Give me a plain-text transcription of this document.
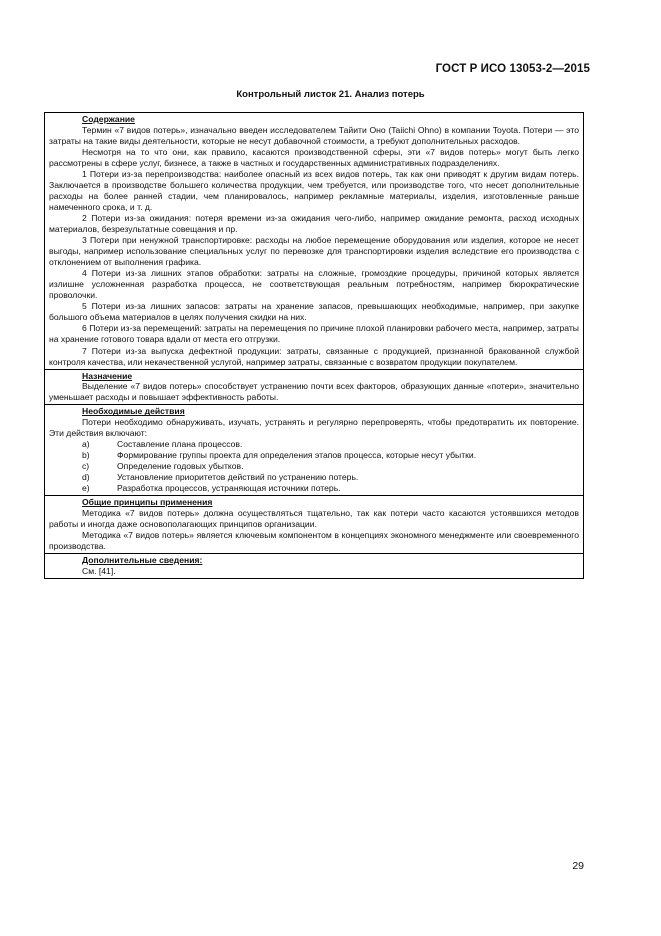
ГОСТ Р ИСО 13053-2—2015
Контрольный листок 21. Анализ потерь
Содержание

Термин «7 видов потерь», изначально введен исследователем Тайити Оно (Taiichi Ohno) в компании Toyota. Потери — это затраты на такие виды деятельности, которые не несут добавочной стоимости, а требуют дополнительных расходов.

Несмотря на то что они, как правило, касаются производственной сферы, эти «7 видов потерь» могут быть легко рассмотрены в сфере услуг, бизнесе, а также в частных и государственных административных подразделениях.

1 Потери из-за перепроизводства: наиболее опасный из всех видов потерь, так как они приводят к другим видам потерь. Заключается в производстве большего количества продукции, чем требуется, или производстве того, что несет дополнительные расходы на более ранней стадии, чем планировалось, например рекламные материалы, изделия, изготовленные раньше намеченного срока, и т. д.

2 Потери из-за ожидания: потеря времени из-за ожидания чего-либо, например ожидание ремонта, расход исходных материалов, безрезультатные совещания и пр.

3 Потери при ненужной транспортировке: расходы на любое перемещение оборудования или изделия, которое не несет выгоды, например использование специальных услуг по перевозке для транспортировки изделия вследствие его производства с отклонением от выполнения графика.

4 Потери из-за лишних этапов обработки: затраты на сложные, громоздкие процедуры, причиной которых является излишне усложненная разработка процесса, не соответствующая реальным потребностям, например бюрократические проволочки.

5 Потери из-за лишних запасов: затраты на хранение запасов, превышающих необходимые, например, при закупке большого объема материалов в целях получения скидки на них.

6 Потери из-за перемещений: затраты на перемещения по причине плохой планировки рабочего места, например, затраты на хранение готового товара вдали от места его отгрузки.

7 Потери из-за выпуска дефектной продукции: затраты, связанные с продукцией, признанной бракованной службой контроля качества, или некачественной услугой, например затраты, связанные с возвратом продукции покупателем.

Назначение

Выделение «7 видов потерь» способствует устранению почти всех факторов, образующих данные «потери», значительно уменьшает расходы и повышает эффективность работы.

Необходимые действия

Потери необходимо обнаруживать, изучать, устранять и регулярно перепроверять, чтобы предотвратить их повторение. Эти действия включают:

a)	Составление плана процессов.
b)	Формирование группы проекта для определения этапов процесса, которые несут убытки.
c)	Определение годовых убытков.
d)	Установление приоритетов действий по устранению потерь.
e)	Разработка процессов, устраняющая источники потерь.
Общие принципы применения

Методика «7 видов потерь» должна осуществляться тщательно, так как потери часто касаются устоявшихся методов работы и иногда даже основополагающих принципов организации.

Методика «7 видов потерь» является ключевым компонентом в концепциях экономного менеджменте или своевременного производства.

Дополнительные сведения:

См. [41].

29
